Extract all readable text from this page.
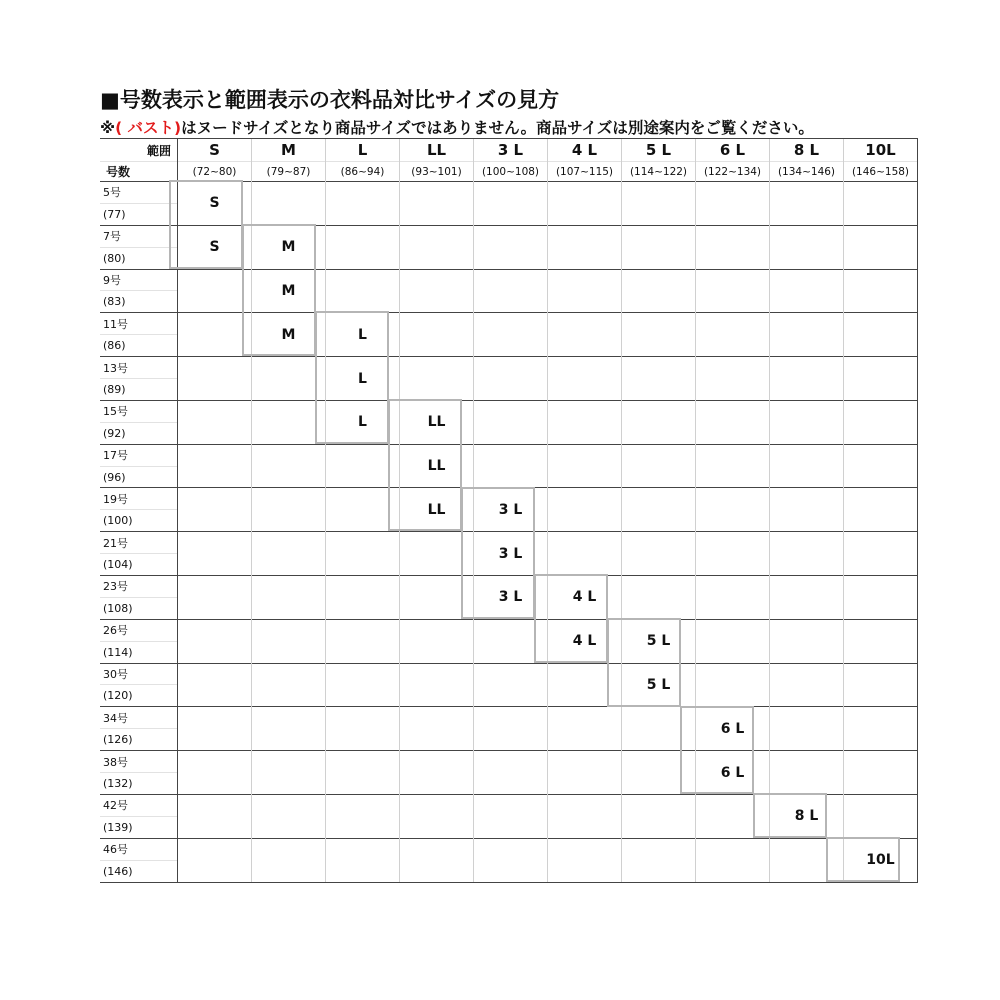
■号数表示と範囲表示の衣料品対比サイズの見方
※( バスト)はヌードサイズとなり商品サイズではありません。商品サイズは別途案内をご覧ください。
範囲	S	M	L	LL	3 L	4 L	5 L	6 L	8 L	10L
号数	(72~80)	(79~87)	(86~94)	(93~101)	(100~108)	(107~115)	(114~122)	(122~134)	(134~146)	(146~158)
5号	S									
(77)										
7号	S	M								
(80)										
9号		M								
(83)										
11号		M	L							
(86)										
13号			L							
(89)										
15号			L	LL						
(92)										
17号				LL						
(96)										
19号				LL	3 L					
(100)										
21号					3 L					
(104)										
23号					3 L	4 L				
(108)										
26号						4 L	5 L			
(114)										
30号							5 L			
(120)										
34号								6 L		
(126)										
38号								6 L		
(132)										
42号									8 L	
(139)										
46号										10L
(146)										
